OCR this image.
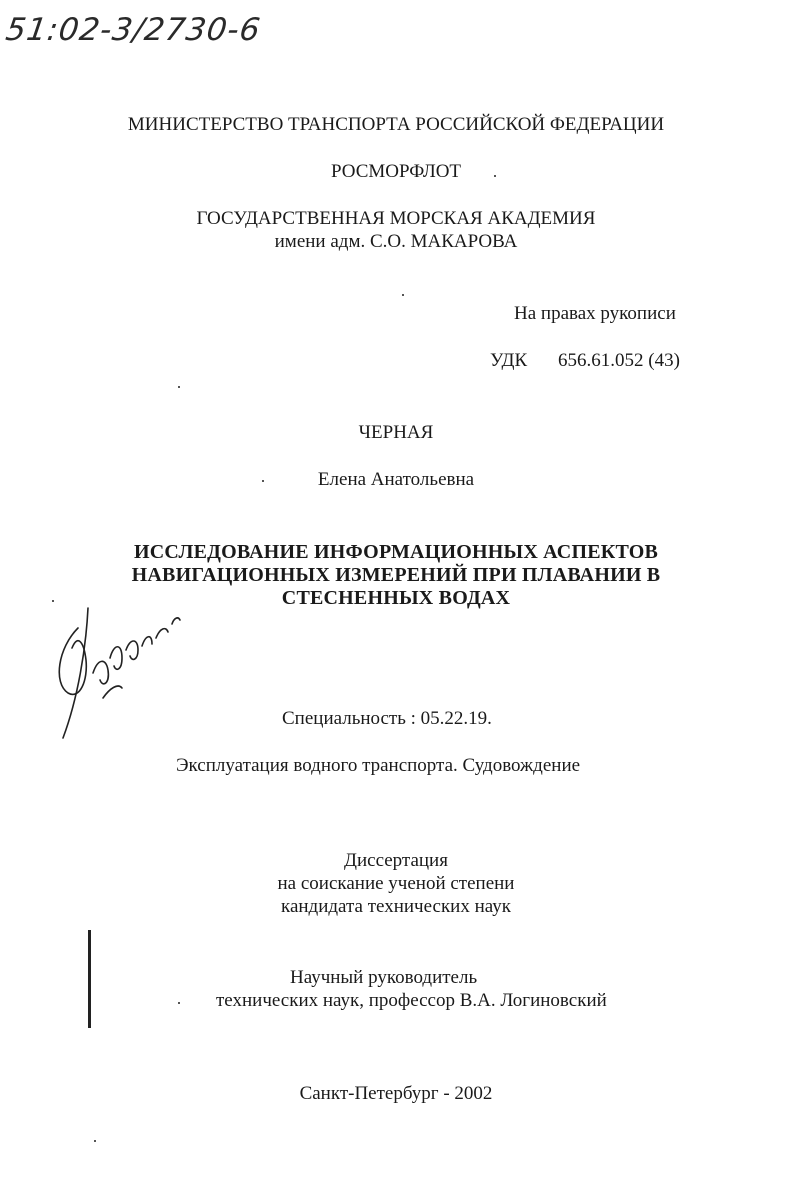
51:02-3/2730-6
МИНИСТЕРСТВО ТРАНСПОРТА РОССИЙСКОЙ ФЕДЕРАЦИИ
РОСМОРФЛОТ
ГОСУДАРСТВЕННАЯ МОРСКАЯ АКАДЕМИЯ
имени адм. С.О. МАКАРОВА
На правах рукописи
УДК 656.61.052 (43)
ЧЕРНАЯ
Елена Анатольевна
ИССЛЕДОВАНИЕ ИНФОРМАЦИОННЫХ АСПЕКТОВ
НАВИГАЦИОННЫХ ИЗМЕРЕНИЙ ПРИ ПЛАВАНИИ В
СТЕСНЕННЫХ ВОДАХ
Специальность : 05.22.19.
Эксплуатация водного транспорта. Судовождение
Диссертация
на соискание ученой степени
кандидата технических наук
Научный руководитель
технических наук, профессор В.А. Логиновский
Санкт-Петербург - 2002
